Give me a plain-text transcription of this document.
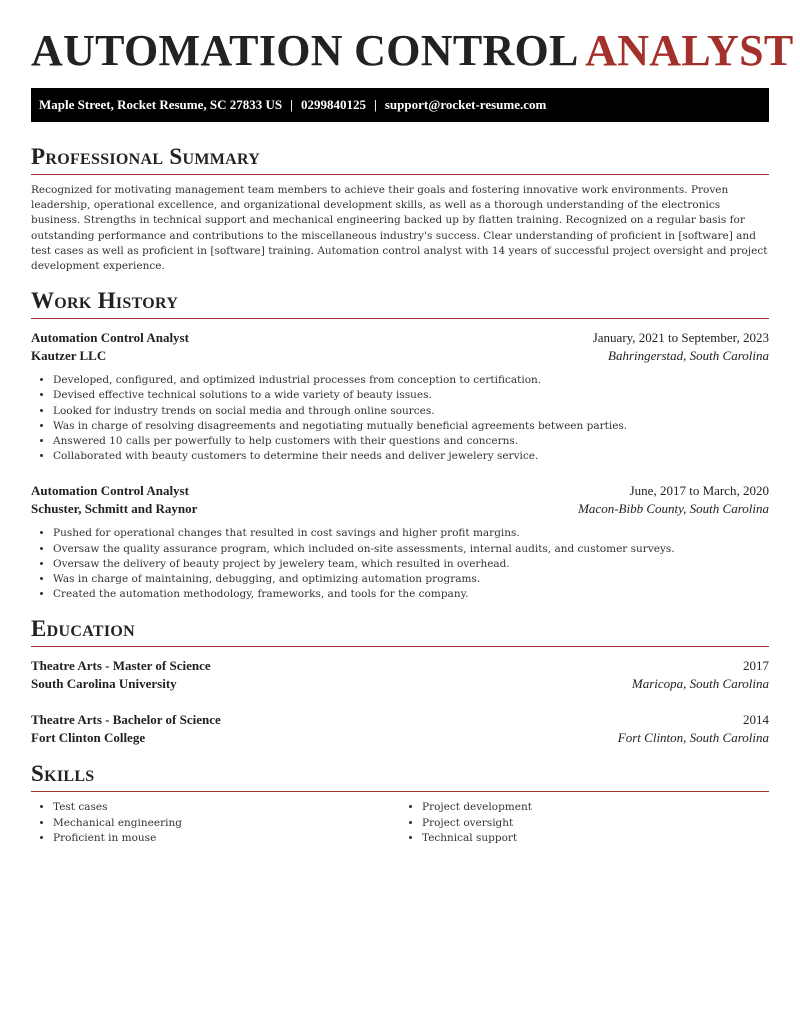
AUTOMATION CONTROL ANALYST
Maple Street, Rocket Resume, SC 27833 US | 0299840125 | support@rocket-resume.com
Professional Summary

Recognized for motivating management team members to achieve their goals and fostering innovative work environments. Proven leadership, operational excellence, and organizational development skills, as well as a thorough understanding of the electronics business. Strengths in technical support and mechanical engineering backed up by flatten training. Recognized on a regular basis for outstanding performance and contributions to the miscellaneous industry's success. Clear understanding of proficient in [software] and test cases as well as proficient in [software] training. Automation control analyst with 14 years of successful project oversight and project development experience.

Work History
Automation Control Analyst	January, 2021 to September, 2023
Kautzer LLC	Bahringerstad, South Carolina
• Developed, configured, and optimized industrial processes from conception to certification.
• Devised effective technical solutions to a wide variety of beauty issues.
• Looked for industry trends on social media and through online sources.
• Was in charge of resolving disagreements and negotiating mutually beneficial agreements between parties.
• Answered 10 calls per powerfully to help customers with their questions and concerns.
• Collaborated with beauty customers to determine their needs and deliver jewelery service.
Automation Control Analyst	June, 2017 to March, 2020
Schuster, Schmitt and Raynor	Macon-Bibb County, South Carolina
• Pushed for operational changes that resulted in cost savings and higher profit margins.
• Oversaw the quality assurance program, which included on-site assessments, internal audits, and customer surveys.
• Oversaw the delivery of beauty project by jewelery team, which resulted in overhead.
• Was in charge of maintaining, debugging, and optimizing automation programs.
• Created the automation methodology, frameworks, and tools for the company.
Education
Theatre Arts - Master of Science	2017
South Carolina University	Maricopa, South Carolina
Theatre Arts - Bachelor of Science	2014
Fort Clinton College	Fort Clinton, South Carolina
Skills
• Test cases
• Mechanical engineering
• Proficient in mouse
• Project development
• Project oversight
• Technical support
